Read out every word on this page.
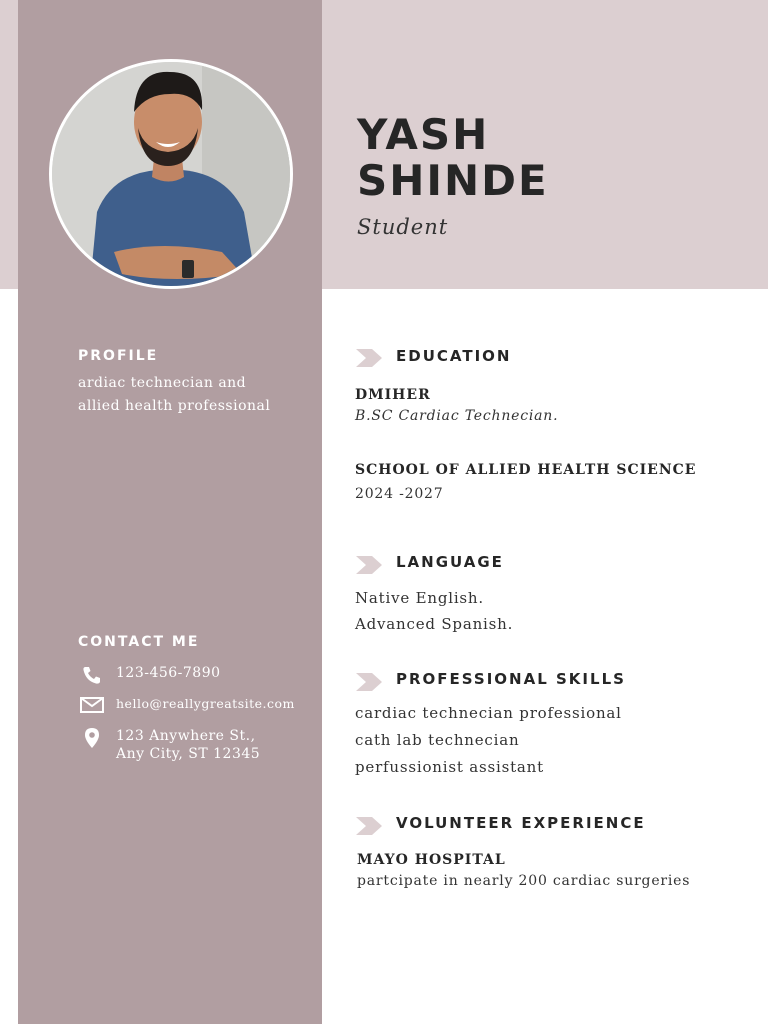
YASH
SHINDE
Student
PROFILE
ardiac technecian and allied health professional
CONTACT ME
123-456-7890
hello@reallygreatsite.com
123 Anywhere St.,
Any City, ST 12345
EDUCATION
DMIHER
B.SC Cardiac Technecian.
SCHOOL OF ALLIED HEALTH SCIENCE
2024 -2027
LANGUAGE
Native English.
Advanced Spanish.
PROFESSIONAL SKILLS
cardiac technecian professional
cath lab technecian
perfussionist assistant
VOLUNTEER EXPERIENCE
MAYO HOSPITAL
partcipate in nearly 200 cardiac surgeries
